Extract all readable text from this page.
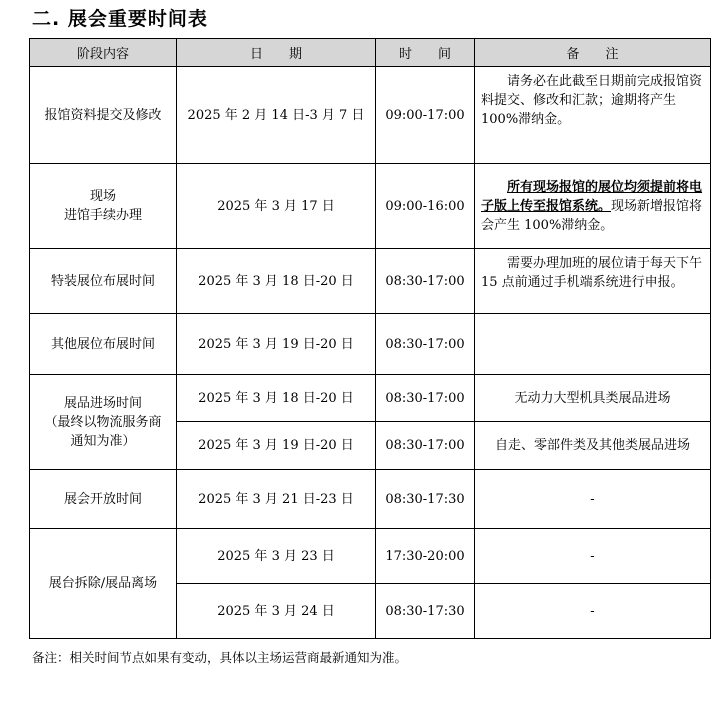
二. 展会重要时间表
阶段内容	日　　期	时　　间	备　　注
报馆资料提交及修改	2025 年 2 月 14 日-3 月 7 日	09:00-17:00	请务必在此截至日期前完成报馆资料提交、修改和汇款；逾期将产生 100%滞纳金。

现场
进馆手续办理	2025 年 3 月 17 日	09:00-16:00	所有现场报馆的展位均须提前将电子版上传至报馆系统。现场新增报馆将会产生 100%滞纳金。
特装展位布展时间	2025 年 3 月 18 日-20 日	08:30-17:00	需要办理加班的展位请于每天下午 15 点前通过手机端系统进行申报。
其他展位布展时间	2025 年 3 月 19 日-20 日	08:30-17:00	

展品进场时间
（最终以物流服务商
通知为准）	2025 年 3 月 18 日-20 日	08:30-17:00	无动力大型机具类展品进场
	2025 年 3 月 19 日-20 日	08:30-17:00	自走、零部件类及其他类展品进场
展会开放时间	2025 年 3 月 21 日-23 日	08:30-17:30	-
展台拆除/展品离场	2025 年 3 月 23 日	17:30-20:00	-
	2025 年 3 月 24 日	08:30-17:30	-
备注：相关时间节点如果有变动，具体以主场运营商最新通知为准。
